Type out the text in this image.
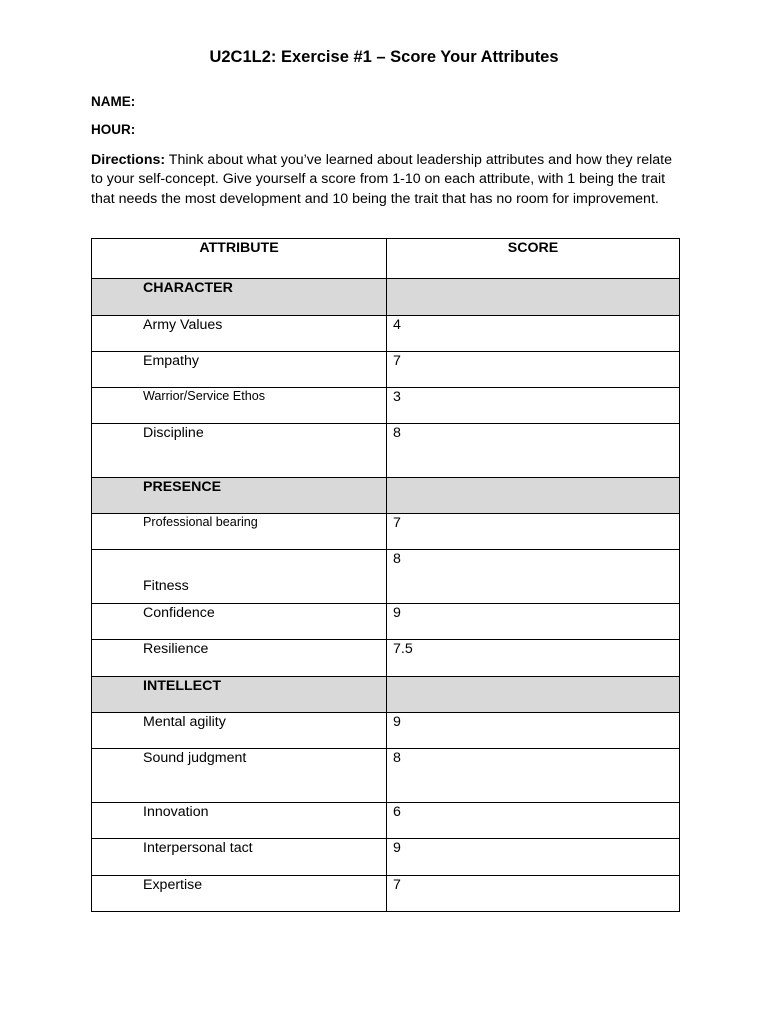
U2C1L2: Exercise #1 – Score Your Attributes
NAME:
HOUR:
Directions: Think about what you’ve learned about leadership attributes and how they relate to your self-concept. Give yourself a score from 1-10 on each attribute, with 1 being the trait that needs the most development and 10 being the trait that has no room for improvement.
ATTRIBUTE	SCORE
CHARACTER	
Army Values	4
Empathy	7
Warrior/Service Ethos	3
Discipline	8
PRESENCE	
Professional bearing	7
Fitness	8
Confidence	9
Resilience	7.5
INTELLECT	
Mental agility	9
Sound judgment	8
Innovation	6
Interpersonal tact	9
Expertise	7
